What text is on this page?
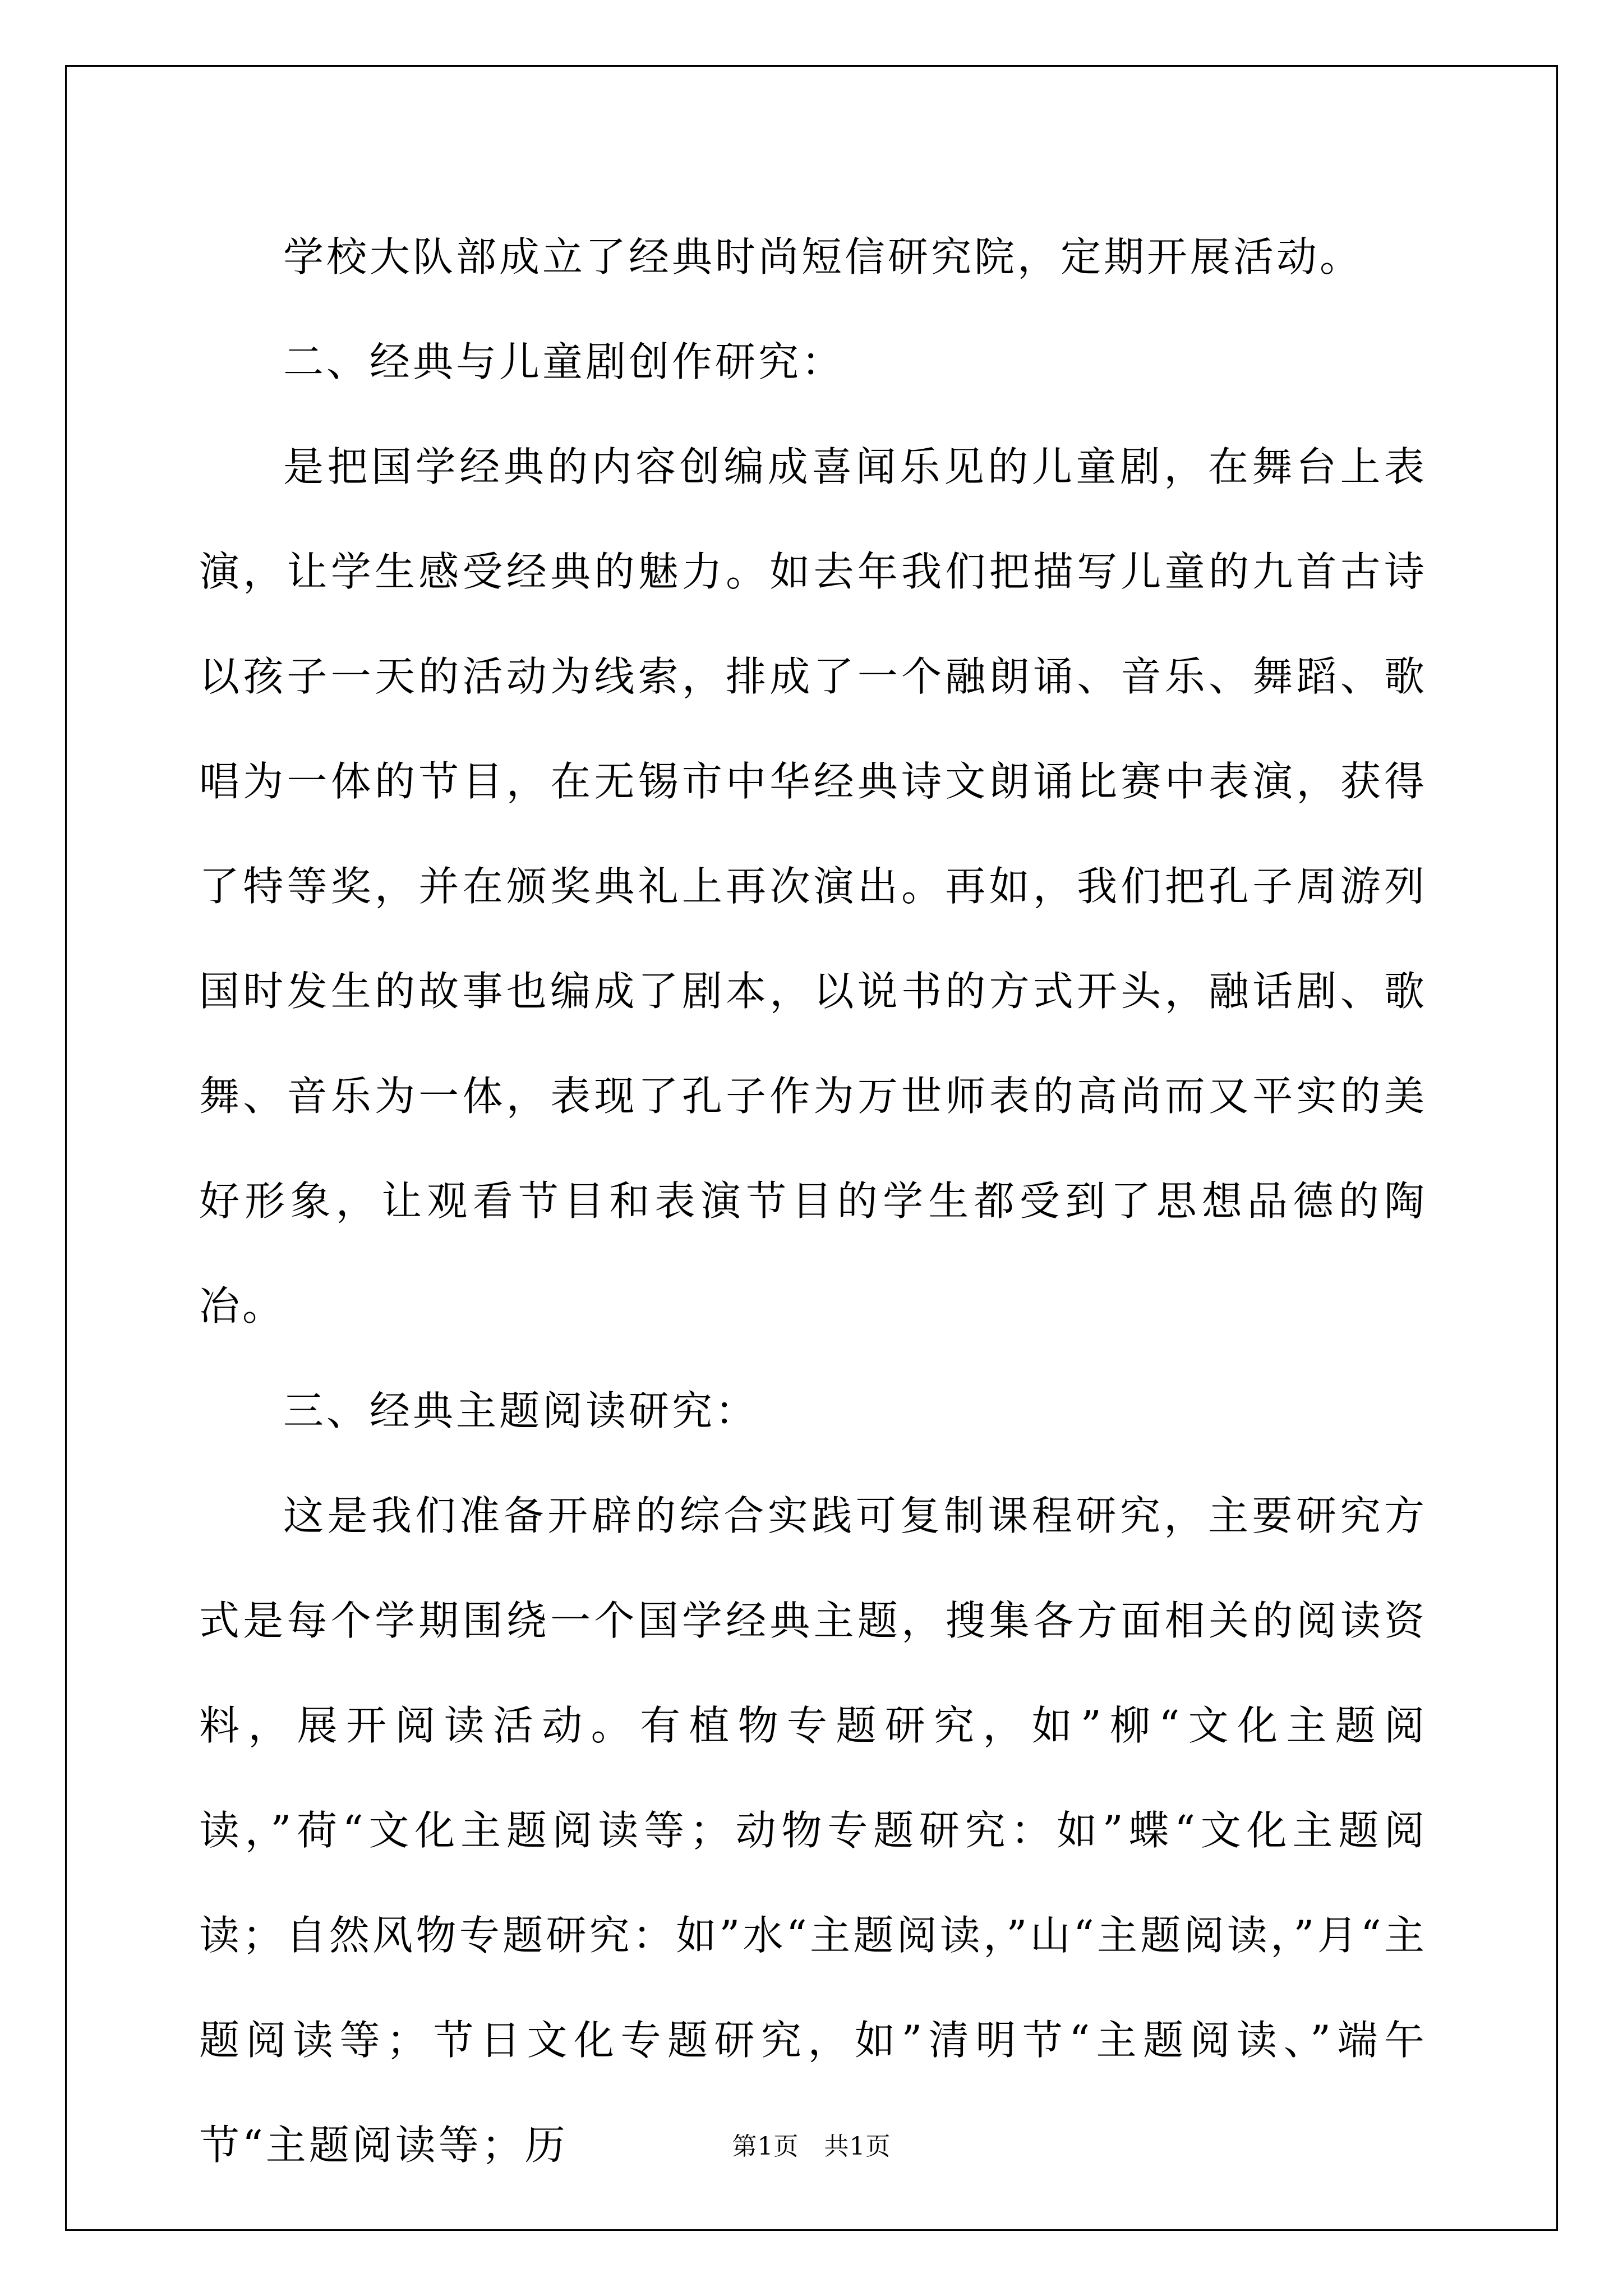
学校大队部成立了经典时尚短信研究院，定期开展活动。

二、经典与儿童剧创作研究：

是把国学经典的内容创编成喜闻乐见的儿童剧，在舞台上表演，让学生感受经典的魅力。如去年我们把描写儿童的九首古诗以孩子一天的活动为线索，排成了一个融朗诵、音乐、舞蹈、歌唱为一体的节目，在无锡市中华经典诗文朗诵比赛中表演，获得了特等奖，并在颁奖典礼上再次演出。再如，我们把孔子周游列国时发生的故事也编成了剧本，以说书的方式开头，融话剧、歌舞、音乐为一体，表现了孔子作为万世师表的高尚而又平实的美好形象，让观看节目和表演节目的学生都受到了思想品德的陶冶。

三、经典主题阅读研究：

这是我们准备开辟的综合实践可复制课程研究，主要研究方式是每个学期围绕一个国学经典主题，搜集各方面相关的阅读资料，展开阅读活动。有植物专题研究，如”柳“文化主题阅读，”荷“文化主题阅读等；动物专题研究：如”蝶“文化主题阅读；自然风物专题研究：如”水“主题阅读，”山“主题阅读，”月“主题阅读等；节日文化专题研究，如”清明节“主题阅读、”端午节“主题阅读等；历	第1页　共1页
